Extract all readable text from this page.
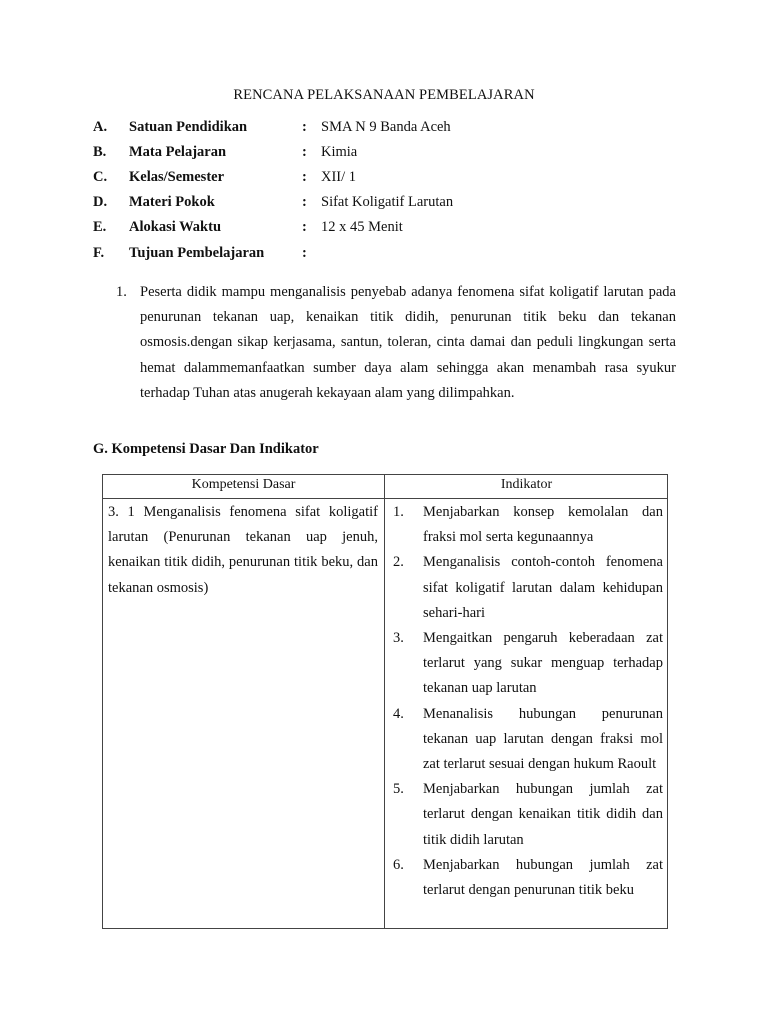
RENCANA PELAKSANAAN PEMBELAJARAN
A. Satuan Pendidikan	: SMA N 9 Banda Aceh
B. Mata Pelajaran	: Kimia
C. Kelas/Semester	: XII/ 1
D. Materi Pokok	: Sifat Koligatif Larutan
E. Alokasi Waktu	: 12 x 45 Menit
F. Tujuan Pembelajaran	:
1. Peserta didik mampu menganalisis penyebab adanya fenomena sifat koligatif larutan pada penurunan tekanan uap, kenaikan titik didih, penurunan titik beku dan tekanan osmosis.dengan sikap kerjasama, santun, toleran, cinta damai dan peduli lingkungan serta hemat dalammemanfaatkan sumber daya alam sehingga akan menambah rasa syukur terhadap Tuhan atas anugerah kekayaan alam yang dilimpahkan.
G. Kompetensi Dasar Dan Indikator
Kompetensi Dasar	Indikator
3. 1 Menganalisis fenomena sifat koligatif larutan (Penurunan tekanan uap jenuh, kenaikan titik didih, penurunan titik beku, dan tekanan osmosis)
1. Menjabarkan konsep kemolalan dan fraksi mol serta kegunaannya
2. Menganalisis contoh-contoh fenomena sifat koligatif larutan dalam kehidupan sehari-hari
3. Mengaitkan pengaruh keberadaan zat terlarut yang sukar menguap terhadap tekanan uap larutan
4. Menanalisis hubungan penurunan tekanan uap larutan dengan fraksi mol zat terlarut sesuai dengan hukum Raoult
5. Menjabarkan hubungan jumlah zat terlarut dengan kenaikan titik didih dan titik didih larutan
6. Menjabarkan hubungan jumlah zat terlarut dengan penurunan titik beku
